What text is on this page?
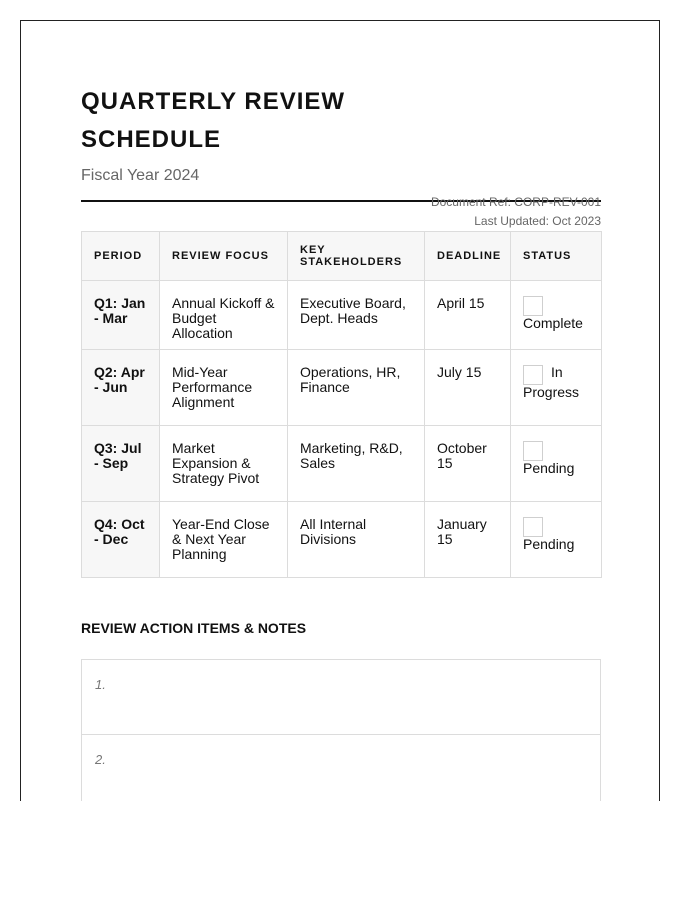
QUARTERLY REVIEW SCHEDULE
Fiscal Year 2024
Document Ref: CORP-REV-001
Last Updated: Oct 2023
PERIOD	REVIEW FOCUS	KEY STAKEHOLDERS	DEADLINE	STATUS
Q1: Jan - Mar	Annual Kickoff & Budget Allocation	Executive Board, Dept. Heads	April 15	Complete
Q2: Apr - Jun	Mid-Year Performance Alignment	Operations, HR, Finance	July 15	In Progress
Q3: Jul - Sep	Market Expansion & Strategy Pivot	Marketing, R&D, Sales	October 15	Pending
Q4: Oct - Dec	Year-End Close & Next Year Planning	All Internal Divisions	January 15	Pending
REVIEW ACTION ITEMS & NOTES
1.
2.
